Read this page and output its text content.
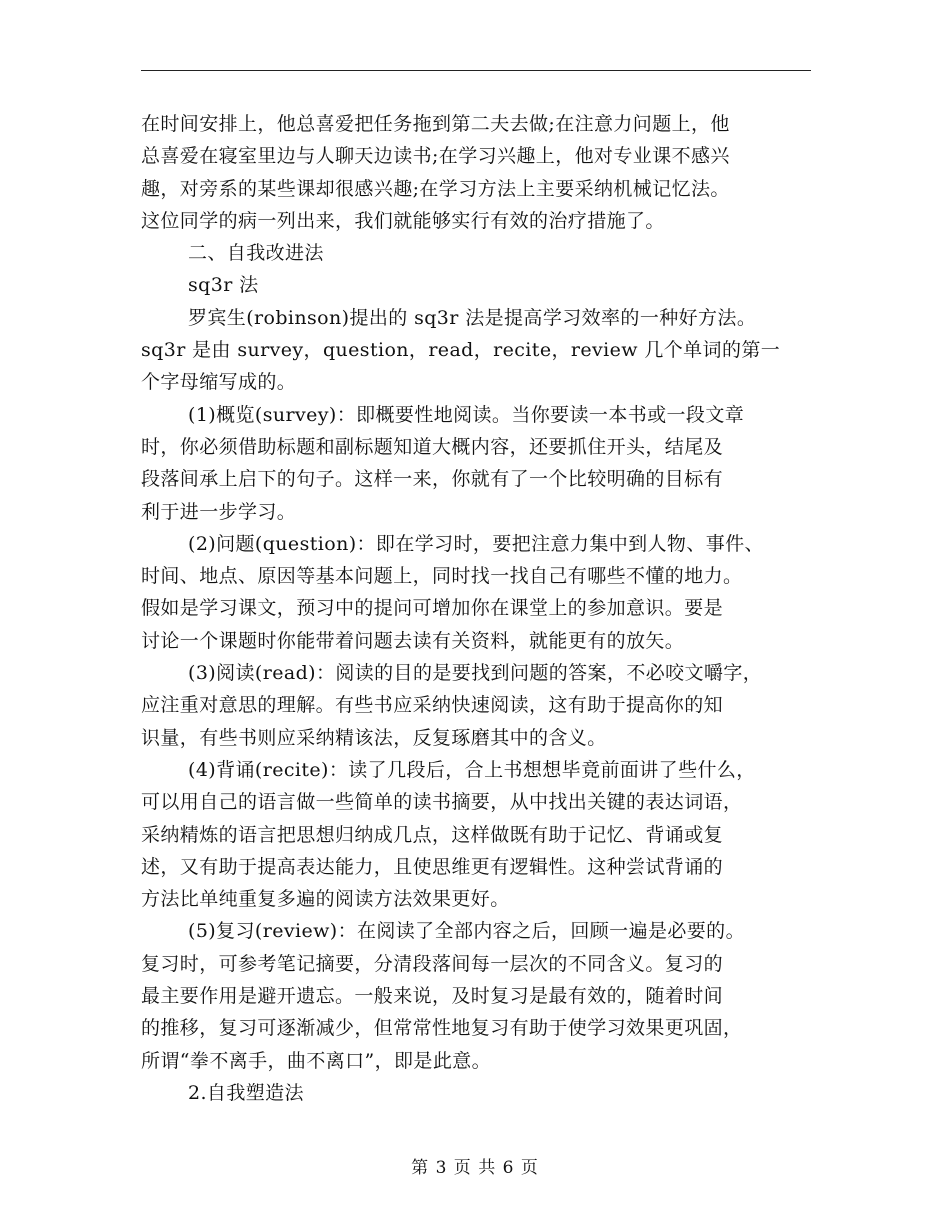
在时间安排上，他总喜爱把任务拖到第二夫去做;在注意力问题上，他
总喜爱在寝室里边与人聊天边读书;在学习兴趣上，他对专业课不感兴
趣，对旁系的某些课却很感兴趣;在学习方法上主要采纳机械记忆法。
这位同学的病一列出来，我们就能够实行有效的治疗措施了。
二、自我改进法
sq3r 法
罗宾生(robinson)提出的 sq3r 法是提高学习效率的一种好方法。
sq3r 是由 survey，question，read，recite，review 几个单词的第一
个字母缩写成的。
(1)概览(survey)：即概要性地阅读。当你要读一本书或一段文章
时，你必须借助标题和副标题知道大概内容，还要抓住开头，结尾及
段落间承上启下的句子。这样一来，你就有了一个比较明确的目标有
利于进一步学习。
(2)问题(question)：即在学习时，要把注意力集中到人物、事件、
时间、地点、原因等基本问题上，同时找一找自己有哪些不懂的地力。
假如是学习课文，预习中的提问可增加你在课堂上的参加意识。要是
讨论一个课题时你能带着问题去读有关资料，就能更有的放矢。
(3)阅读(read)：阅读的目的是要找到问题的答案，不必咬文嚼字，
应注重对意思的理解。有些书应采纳快速阅读，这有助于提高你的知
识量，有些书则应采纳精该法，反复琢磨其中的含义。
(4)背诵(recite)：读了几段后，合上书想想毕竟前面讲了些什么，
可以用自己的语言做一些简单的读书摘要，从中找出关键的表达词语，
采纳精炼的语言把思想归纳成几点，这样做既有助于记忆、背诵或复
述，又有助于提高表达能力，且使思维更有逻辑性。这种尝试背诵的
方法比单纯重复多遍的阅读方法效果更好。
(5)复习(review)：在阅读了全部内容之后，回顾一遍是必要的。
复习时，可参考笔记摘要，分清段落间每一层次的不同含义。复习的
最主要作用是避开遗忘。一般来说，及时复习是最有效的，随着时间
的推移，复习可逐渐减少，但常常性地复习有助于使学习效果更巩固，
所谓“拳不离手，曲不离口”，即是此意。
2.自我塑造法
第 3 页 共 6 页
